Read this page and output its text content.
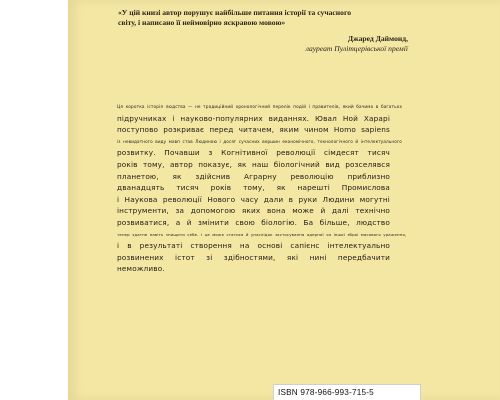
«У цій книзі автор порушує найбільше питання історії та сучасного
світу, і написано її неймовірно яскравою мовою»
Джаред Даймонд,
лауреат Пулітцерівської премії
Ця коротка історія людства — не традиційний хронологічний перелік подій і правителів, який бачимо в багатьох
підручниках і науково-популярних виданнях. Ювал Ной Харарі
поступово розкриває перед читачем, яким чином Homo sapiens
із невидатного виду мавп став Людиною і досяг сучасних вершин економічного, технологічного й інтелектуального
розвитку. Почавши з Когнітивної революції сімдесят тисяч
років тому, автор показує, як наш біологічний вид розселявся
планетою, як здійснив Аграрну революцію приблизно
дванадцять тисяч років тому, як нарешті Промислова
і Наукова революції Нового часу дали в руки Людини могутні
інструменти, за допомогою яких вона може й далі технічно
розвиватися, а й змінити свою біологію. Ба більше, людство
тепер здатне навіть знищити себе. І це може статися й унаслідок застосування ядерної чи іншої зброї масового ураження,
і в результаті створення на основі сапієнс інтелектуально
розвинених істот зі здібностями, які нині передбачити
неможливо.
ISBN 978-966-993-715-5
